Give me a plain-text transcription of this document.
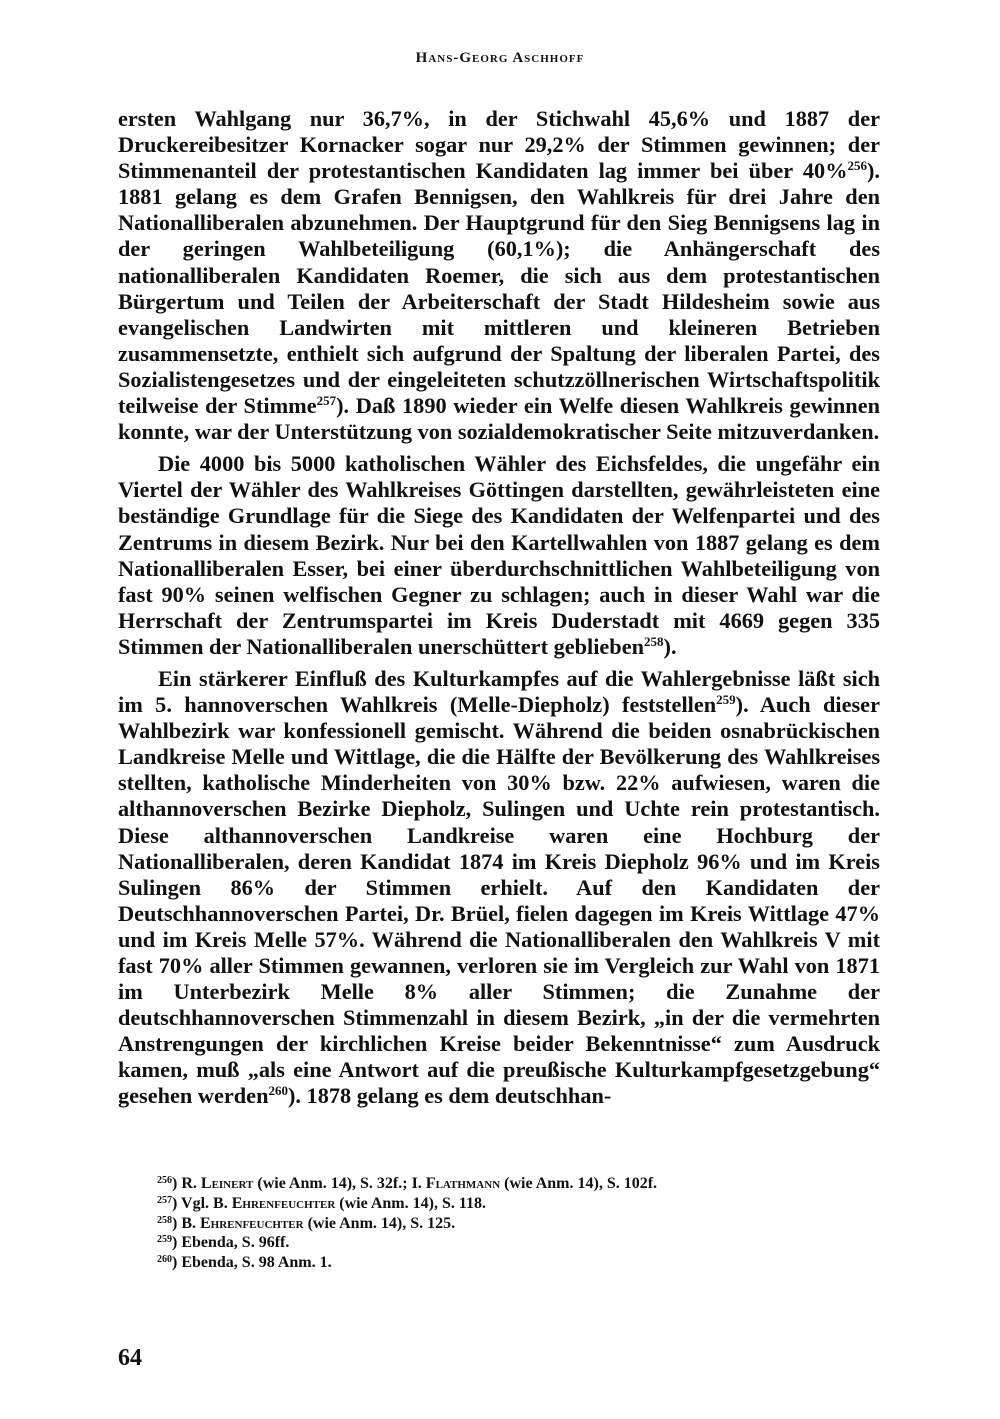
Hans-Georg Aschhoff

ersten Wahlgang nur 36,7%, in der Stichwahl 45,6% und 1887 der Druckereibesitzer Kornacker sogar nur 29,2% der Stimmen gewinnen; der Stimmenanteil der protestantischen Kandidaten lag immer bei über 40%$^{256}$). 1881 gelang es dem Grafen Bennigsen, den Wahlkreis für drei Jahre den Nationalliberalen abzunehmen. Der Hauptgrund für den Sieg Bennigsens lag in der geringen Wahlbeteiligung (60,1%); die Anhängerschaft des nationalliberalen Kandidaten Roemer, die sich aus dem protestantischen Bürgertum und Teilen der Arbeiterschaft der Stadt Hildesheim sowie aus evangelischen Landwirten mit mittleren und kleineren Betrieben zusammensetzte, enthielt sich aufgrund der Spaltung der liberalen Partei, des Sozialistengesetzes und der eingeleiteten schutzzöllnerischen Wirtschaftspolitik teilweise der Stimme$^{257}$). Daß 1890 wieder ein Welfe diesen Wahlkreis gewinnen konnte, war der Unterstützung von sozialdemokratischer Seite mitzuverdanken.

Die 4000 bis 5000 katholischen Wähler des Eichsfeldes, die ungefähr ein Viertel der Wähler des Wahlkreises Göttingen darstellten, gewährleisteten eine beständige Grundlage für die Siege des Kandidaten der Welfenpartei und des Zentrums in diesem Bezirk. Nur bei den Kartellwahlen von 1887 gelang es dem Nationalliberalen Esser, bei einer überdurchschnittlichen Wahlbeteiligung von fast 90% seinen welfischen Gegner zu schlagen; auch in dieser Wahl war die Herrschaft der Zentrumspartei im Kreis Duderstadt mit 4669 gegen 335 Stimmen der Nationalliberalen unerschüttert geblieben$^{258}$).

Ein stärkerer Einfluß des Kulturkampfes auf die Wahlergebnisse läßt sich im 5. hannoverschen Wahlkreis (Melle-Diepholz) feststellen$^{259}$). Auch dieser Wahlbezirk war konfessionell gemischt. Während die beiden osnabrückischen Landkreise Melle und Wittlage, die die Hälfte der Bevölkerung des Wahlkreises stellten, katholische Minderheiten von 30% bzw. 22% aufwiesen, waren die althannoverschen Bezirke Diepholz, Sulingen und Uchte rein protestantisch. Diese althannoverschen Landkreise waren eine Hochburg der Nationalliberalen, deren Kandidat 1874 im Kreis Diepholz 96% und im Kreis Sulingen 86% der Stimmen erhielt. Auf den Kandidaten der Deutschhannoverschen Partei, Dr. Brüel, fielen dagegen im Kreis Wittlage 47% und im Kreis Melle 57%. Während die Nationalliberalen den Wahlkreis V mit fast 70% aller Stimmen gewannen, verloren sie im Vergleich zur Wahl von 1871 im Unterbezirk Melle 8% aller Stimmen; die Zunahme der deutschhannoverschen Stimmenzahl in diesem Bezirk, „in der die vermehrten Anstrengungen der kirchlichen Kreise beider Bekenntnisse“ zum Ausdruck kamen, muß „als eine Antwort auf die preußische Kulturkampfgesetzgebung“ gesehen werden$^{260}$). 1878 gelang es dem deutschhan-

$^{256}$) R. Leinert (wie Anm. 14), S. 32f.; I. Flathmann (wie Anm. 14), S. 102f.

$^{257}$) Vgl. B. Ehrenfeuchter (wie Anm. 14), S. 118.

$^{258}$) B. Ehrenfeuchter (wie Anm. 14), S. 125.

$^{259}$) Ebenda, S. 96ff.

$^{260}$) Ebenda, S. 98 Anm. 1.

64
